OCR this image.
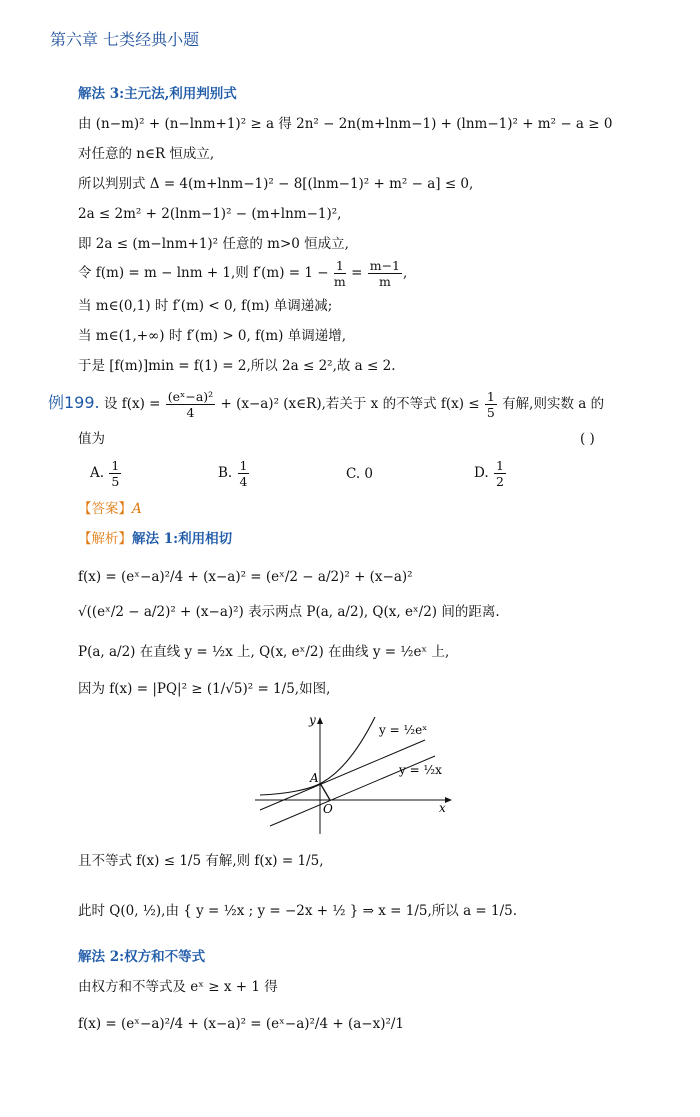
第六章 七类经典小题
解法 3:主元法,利用判别式
由 (n−m)² + (n−lnm+1)² ≥ a 得 2n² − 2n(m+lnm−1) + (lnm−1)² + m² − a ≥ 0
对任意的 n∈R 恒成立,
所以判别式 Δ = 4(m+lnm−1)² − 8[(lnm−1)² + m² − a] ≤ 0,
2a ≤ 2m² + 2(lnm−1)² − (m+lnm−1)²,
即 2a ≤ (m−lnm+1)² 任意的 m>0 恒成立,
令 f(m) = m − lnm + 1,则 $f'(m) = 1 - \frac{1}{m} = \frac{m-1}{m}$ ,
当 m∈(0,1) 时 f′(m) < 0, f(m) 单调递减;
当 m∈(1,+∞) 时 f′(m) > 0, f(m) 单调递增,
于是 [f(m)]min = f(1) = 2,所以 2a ≤ 2²,故 a ≤ 2.
例199. 设 $f(x) = \frac{\text{(eˣ−a)²}}{4} + (x-a)^2$ (x∈R),若关于 x 的不等式 $f(x) \le \frac{1}{5}$ 有解,则实数 a 的
值为	( )
A. $\frac{1}{5}$	B. $\frac{1}{4}$	C. 0	D. $\frac{1}{2}$
【答案】A
【解析】解法 1:利用相切
f(x) = (eˣ−a)²/4 + (x−a)² = (eˣ/2 − a/2)² + (x−a)²
√((eˣ/2 − a/2)² + (x−a)²) 表示两点 P(a, a/2), Q(x, eˣ/2) 间的距离.
P(a, a/2) 在直线 y = ½x 上, Q(x, eˣ/2) 在曲线 y = ½eˣ 上,
因为 f(x) = |PQ|² ≥ (1/√5)² = 1/5,如图,
y
x
O
A
y = ½eˣ
y = ½x
且不等式 f(x) ≤ 1/5 有解,则 f(x) = 1/5,
此时 Q(0, ½),由 { y = ½x ; y = −2x + ½ } ⇒ x = 1/5,所以 a = 1/5.
解法 2:权方和不等式
由权方和不等式及 eˣ ≥ x + 1 得
f(x) = (eˣ−a)²/4 + (x−a)² = (eˣ−a)²/4 + (a−x)²/1
